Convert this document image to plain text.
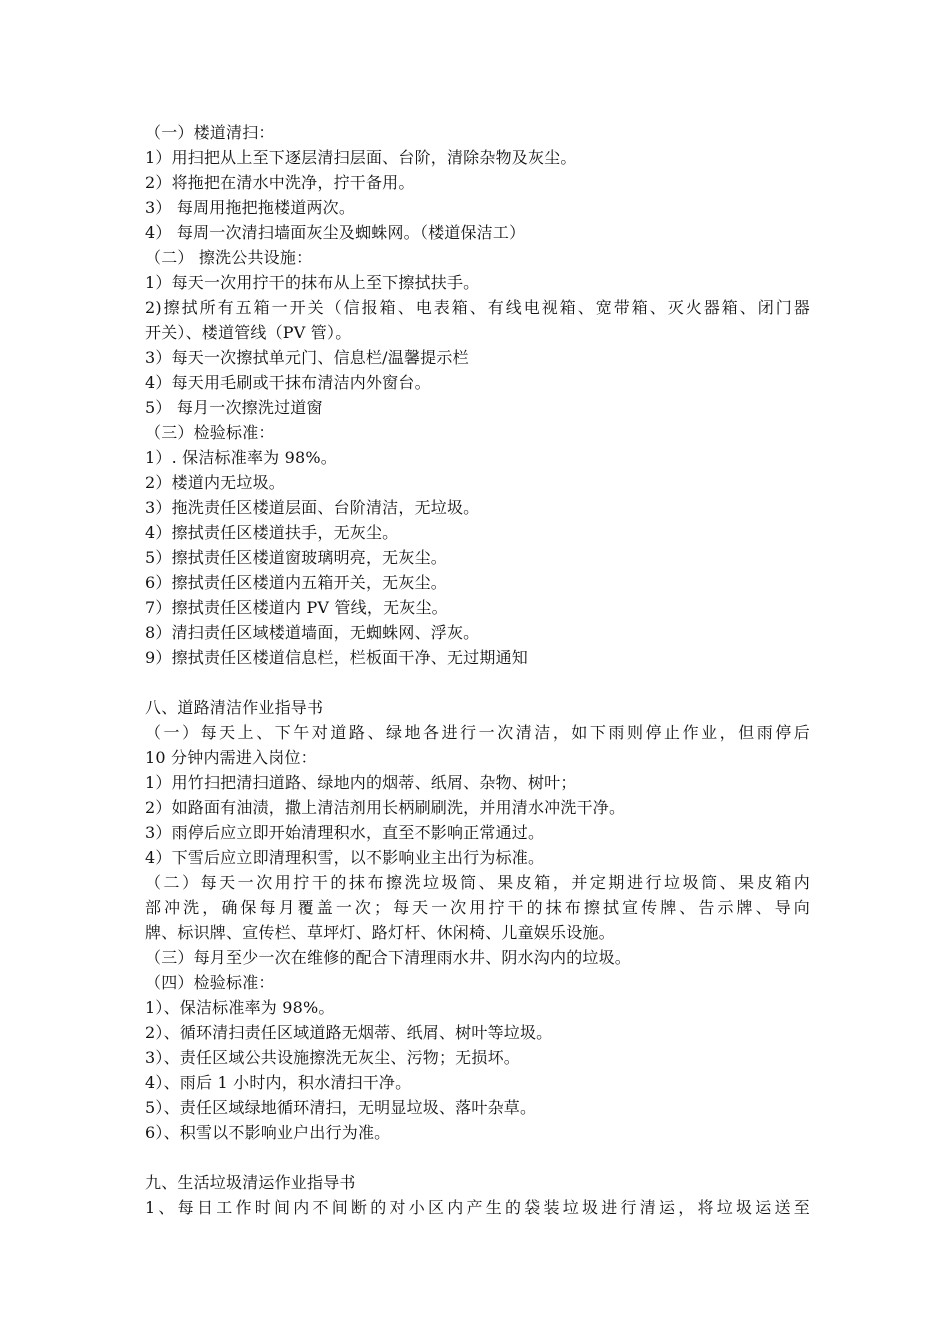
（一）楼道清扫：
1）用扫把从上至下逐层清扫层面、台阶，清除杂物及灰尘。
2）将拖把在清水中洗净，拧干备用。
3） 每周用拖把拖楼道两次。
4） 每周一次清扫墙面灰尘及蜘蛛网。（楼道保洁工）
（二） 擦洗公共设施：
1）每天一次用拧干的抹布从上至下擦拭扶手。
2)擦拭所有五箱一开关（信报箱、电表箱、有线电视箱、宽带箱、灭火器箱、闭门器
开关）、楼道管线（PV 管）。
3）每天一次擦拭单元门、信息栏/温馨提示栏
4）每天用毛刷或干抹布清洁内外窗台。
5） 每月一次擦洗过道窗
（三）检验标准：
1）. 保洁标准率为 98%。
2）楼道内无垃圾。
3）拖洗责任区楼道层面、台阶清洁，无垃圾。
4）擦拭责任区楼道扶手，无灰尘。
5）擦拭责任区楼道窗玻璃明亮，无灰尘。
6）擦拭责任区楼道内五箱开关，无灰尘。
7）擦拭责任区楼道内 PV 管线，无灰尘。
8）清扫责任区域楼道墙面，无蜘蛛网、浮灰。
9）擦拭责任区楼道信息栏，栏板面干净、无过期通知
八、道路清洁作业指导书
（一）每天上、下午对道路、绿地各进行一次清洁，如下雨则停止作业，但雨停后
10 分钟内需进入岗位：
1）用竹扫把清扫道路、绿地内的烟蒂、纸屑、杂物、树叶；
2）如路面有油渍，撒上清洁剂用长柄刷刷洗，并用清水冲洗干净。
3）雨停后应立即开始清理积水，直至不影响正常通过。
4）下雪后应立即清理积雪，以不影响业主出行为标准。
（二）每天一次用拧干的抹布擦洗垃圾筒、果皮箱，并定期进行垃圾筒、果皮箱内
部冲洗，确保每月覆盖一次；每天一次用拧干的抹布擦拭宣传牌、告示牌、导向
牌、标识牌、宣传栏、草坪灯、路灯杆、休闲椅、儿童娱乐设施。
（三）每月至少一次在维修的配合下清理雨水井、阴水沟内的垃圾。
（四）检验标准：
1）、保洁标准率为 98%。
2）、循环清扫责任区域道路无烟蒂、纸屑、树叶等垃圾。
3）、责任区域公共设施擦洗无灰尘、污物；无损坏。
4）、雨后 1 小时内，积水清扫干净。
5）、责任区域绿地循环清扫，无明显垃圾、落叶杂草。
6）、积雪以不影响业户出行为准。
九、生活垃圾清运作业指导书
1、每日工作时间内不间断的对小区内产生的袋装垃圾进行清运，将垃圾运送至
